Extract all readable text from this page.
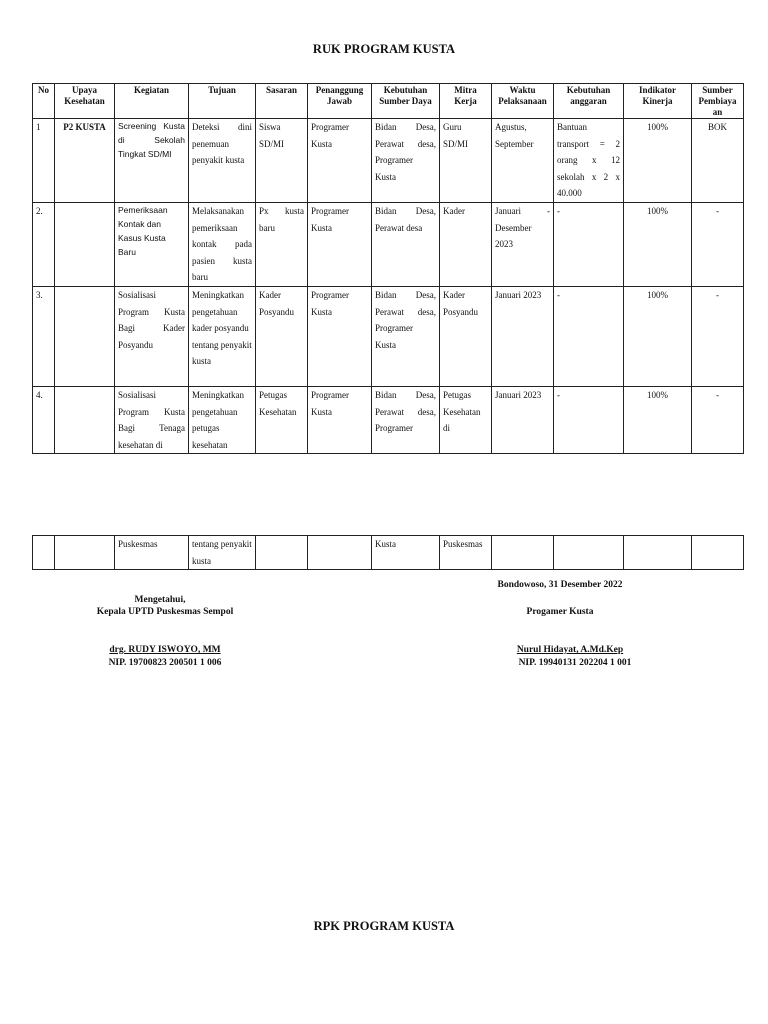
RUK PROGRAM KUSTA
No	Upaya Kesehatan	Kegiatan	Tujuan	Sasaran	Penanggung Jawab	Kebutuhan Sumber Daya	Mitra Kerja	Waktu Pelaksanaan	Kebutuhan anggaran	Indikator Kinerja	Sumber Pembiaya an
1	P2 KUSTA	Screening Kusta di Sekolah Tingkat SD/MI	Deteksi dini penemuan penyakit kusta	Siswa SD/MI	Programer Kusta	Bidan Desa, Perawat desa, Programer Kusta	Guru SD/MI	Agustus, September	Bantuan transport = 2 orang x 12 sekolah x 2 x 40.000	100%	BOK
2.		Pemeriksaan Kontak dan Kasus Kusta Baru	Melaksanakan pemeriksaan kontak pada pasien kusta baru	Px kusta baru	Programer Kusta	Bidan Desa, Perawat desa	Kader	Januari - Desember 2023	-	100%	-
3.		Sosialisasi Program Kusta Bagi Kader Posyandu	Meningkatkan pengetahuan kader posyandu tentang penyakit kusta	Kader Posyandu	Programer Kusta	Bidan Desa, Perawat desa, Programer Kusta	Kader Posyandu	Januari 2023	-	100%	-
4.		Sosialisasi Program Kusta Bagi Tenaga kesehatan di	Meningkatkan pengetahuan petugas kesehatan	Petugas Kesehatan	Programer Kusta	Bidan Desa, Perawat desa, Programer	Petugas Kesehatan di	Januari 2023	-	100%	-
		Puskesmas	tentang penyakit kusta			Kusta	Puskesmas				
Bondowoso, 31 Desember 2022
Mengetahui,
Kepala UPTD Puskesmas Sempol	Progamer Kusta
drg. RUDY ISWOYO, MM	Nurul Hidayat, A.Md.Kep
NIP. 19700823 200501 1 006	NIP. 19940131 202204 1 001
RPK PROGRAM KUSTA
